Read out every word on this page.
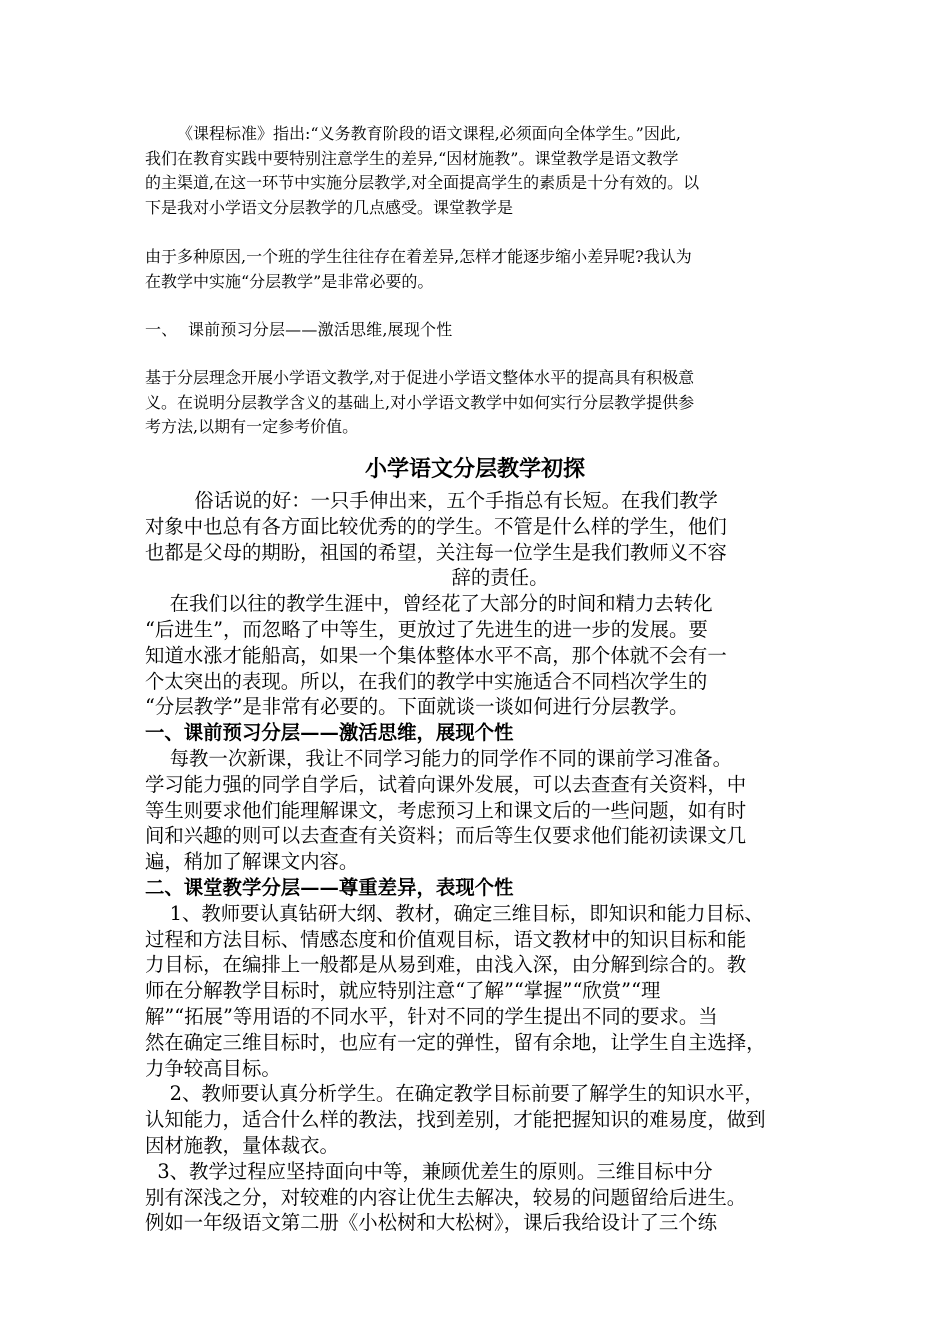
《课程标准》指出:“义务教育阶段的语文课程,必须面向全体学生。”因此,

我们在教育实践中要特别注意学生的差异,“因材施教”。课堂教学是语文教学

的主渠道,在这一环节中实施分层教学,对全面提高学生的素质是十分有效的。以

下是我对小学语文分层教学的几点感受。课堂教学是

由于多种原因,一个班的学生往往存在着差异,怎样才能逐步缩小差异呢?我认为

在教学中实施“分层教学”是非常必要的。

一、  课前预习分层——激活思维,展现个性

基于分层理念开展小学语文教学,对于促进小学语文整体水平的提高具有积极意

义。在说明分层教学含义的基础上,对小学语文教学中如何实行分层教学提供参

考方法,以期有一定参考价值。

小学语文分层教学初探

俗话说的好：一只手伸出来，五个手指总有长短。在我们教学

对象中也总有各方面比较优秀的的学生。不管是什么样的学生，他们

也都是父母的期盼，祖国的希望，关注每一位学生是我们教师义不容

辞的责任。

在我们以往的教学生涯中，曾经花了大部分的时间和精力去转化

“后进生”，而忽略了中等生，更放过了先进生的进一步的发展。要

知道水涨才能船高，如果一个集体整体水平不高，那个体就不会有一

个太突出的表现。所以，在我们的教学中实施适合不同档次学生的

“分层教学”是非常有必要的。下面就谈一谈如何进行分层教学。

一、课前预习分层——激活思维，展现个性

每教一次新课，我让不同学习能力的同学作不同的课前学习准备。

学习能力强的同学自学后，试着向课外发展，可以去查查有关资料，中

等生则要求他们能理解课文，考虑预习上和课文后的一些问题，如有时

间和兴趣的则可以去查查有关资料；而后等生仅要求他们能初读课文几

遍，稍加了解课文内容。

二、课堂教学分层——尊重差异，表现个性

1、教师要认真钻研大纲、教材，确定三维目标，即知识和能力目标、

过程和方法目标、情感态度和价值观目标，语文教材中的知识目标和能

力目标，在编排上一般都是从易到难，由浅入深，由分解到综合的。教

师在分解教学目标时，就应特别注意“了解”“掌握”“欣赏”“理

解”“拓展”等用语的不同水平，针对不同的学生提出不同的要求。当

然在确定三维目标时，也应有一定的弹性，留有余地，让学生自主选择，

力争较高目标。

2、教师要认真分析学生。在确定教学目标前要了解学生的知识水平，

认知能力，适合什么样的教法，找到差别，才能把握知识的难易度，做到

因材施教，量体裁衣。

3、教学过程应坚持面向中等，兼顾优差生的原则。三维目标中分

别有深浅之分，对较难的内容让优生去解决，较易的问题留给后进生。

例如一年级语文第二册《小松树和大松树》，课后我给设计了三个练
